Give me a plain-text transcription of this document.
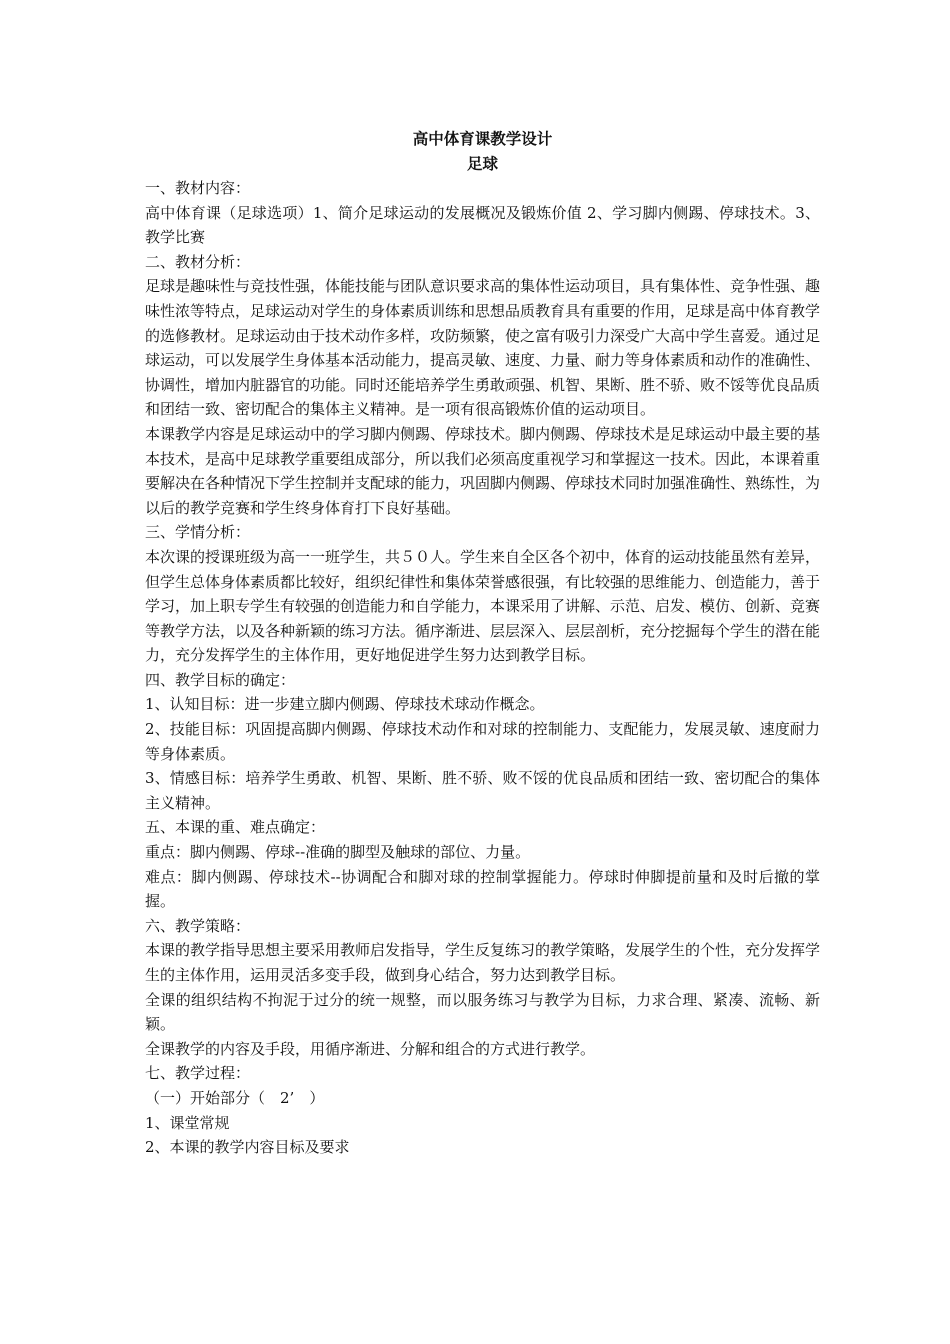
高中体育课教学设计

足球

一、教材内容：

高中体育课（足球选项）1、简介足球运动的发展概况及锻炼价值 2、学习脚内侧踢、停球技术。3、教学比赛

二、教材分析：

足球是趣味性与竞技性强，体能技能与团队意识要求高的集体性运动项目，具有集体性、竞争性强、趣味性浓等特点，足球运动对学生的身体素质训练和思想品质教育具有重要的作用，足球是高中体育教学的选修教材。足球运动由于技术动作多样，攻防频繁，使之富有吸引力深受广大高中学生喜爱。通过足球运动，可以发展学生身体基本活动能力，提高灵敏、速度、力量、耐力等身体素质和动作的准确性、协调性，增加内脏器官的功能。同时还能培养学生勇敢顽强、机智、果断、胜不骄、败不馁等优良品质和团结一致、密切配合的集体主义精神。是一项有很高锻炼价值的运动项目。

本课教学内容是足球运动中的学习脚内侧踢、停球技术。脚内侧踢、停球技术是足球运动中最主要的基本技术，是高中足球教学重要组成部分，所以我们必须高度重视学习和掌握这一技术。因此，本课着重要解决在各种情况下学生控制并支配球的能力，巩固脚内侧踢、停球技术同时加强准确性、熟练性，为以后的教学竞赛和学生终身体育打下良好基础。

三、学情分析：

本次课的授课班级为高一一班学生，共５０人。学生来自全区各个初中，体育的运动技能虽然有差异，但学生总体身体素质都比较好，组织纪律性和集体荣誉感很强，有比较强的思维能力、创造能力，善于学习，加上职专学生有较强的创造能力和自学能力，本课采用了讲解、示范、启发、模仿、创新、竞赛等教学方法，以及各种新颖的练习方法。循序渐进、层层深入、层层剖析，充分挖掘每个学生的潜在能力，充分发挥学生的主体作用，更好地促进学生努力达到教学目标。

四、教学目标的确定：

1、认知目标：进一步建立脚内侧踢、停球技术球动作概念。

2、技能目标：巩固提高脚内侧踢、停球技术动作和对球的控制能力、支配能力，发展灵敏、速度耐力等身体素质。

3、情感目标：培养学生勇敢、机智、果断、胜不骄、败不馁的优良品质和团结一致、密切配合的集体主义精神。

五、本课的重、难点确定：

重点：脚内侧踢、停球--准确的脚型及触球的部位、力量。

难点：脚内侧踢、停球技术--协调配合和脚对球的控制掌握能力。停球时伸脚提前量和及时后撤的掌握。

六、教学策略：

本课的教学指导思想主要采用教师启发指导，学生反复练习的教学策略，发展学生的个性，充分发挥学生的主体作用，运用灵活多变手段，做到身心结合，努力达到教学目标。

全课的组织结构不拘泥于过分的统一规整，而以服务练习与教学为目标，力求合理、紧凑、流畅、新颖。

全课教学的内容及手段，用循序渐进、分解和组合的方式进行教学。

七、教学过程：

（一）开始部分（　2’　）

1、课堂常规

2、本课的教学内容目标及要求
